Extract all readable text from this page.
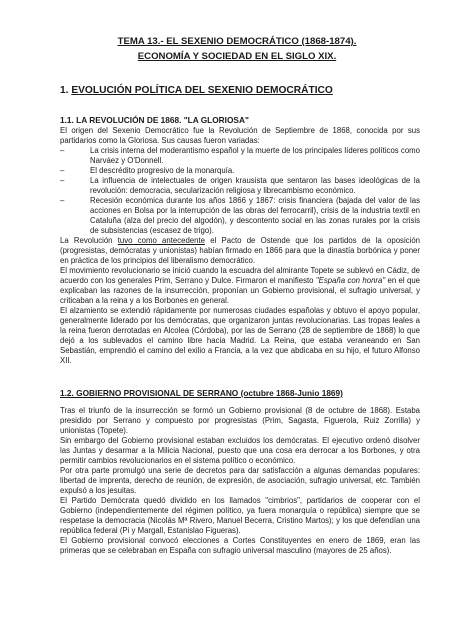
TEMA 13.- EL SEXENIO DEMOCRÁTICO (1868-1874).
ECONOMÍA Y SOCIEDAD EN EL SIGLO XIX.
1. EVOLUCIÓN POLÍTICA DEL SEXENIO DEMOCRÁTICO
1.1. LA REVOLUCIÓN DE 1868. "LA GLORIOSA"

El origen del Sexenio Democrático fue la Revolución de Septiembre de 1868, conocida por sus partidarios como la Gloriosa. Sus causas fueron variadas:

–	La crisis interna del moderantismo español y la muerte de los principales líderes políticos como Narváez y O'Donnell.
–	El descrédito progresivo de la monarquía.
–	La influencia de intelectuales de origen krausista que sentaron las bases ideológicas de la revolución: democracia, secularización religiosa y librecambismo económico.
–	Recesión económica durante los años 1866 y 1867: crisis financiera (bajada del valor de las acciones en Bolsa por la interrupción de las obras del ferrocarril), crisis de la industria textil en Cataluña (alza del precio del algodón), y descontento social en las zonas rurales por la crisis de subsistencias (escasez de trigo).

La Revolución tuvo como antecedente el Pacto de Ostende que los partidos de la oposición (progresistas, demócratas y unionistas) habían firmado en 1866 para que la dinastía borbónica y poner en práctica de los principios del liberalismo democrático.

El movimiento revolucionario se inició cuando la escuadra del almirante Topete se sublevó en Cádiz, de acuerdo con los generales Prim, Serrano y Dulce. Firmaron el manifiesto "España con honra" en el que explicaban las razones de la insurrección, proponían un Gobierno provisional, el sufragio universal, y criticaban a la reina y a los Borbones en general.

El alzamiento se extendió rápidamente por numerosas ciudades españolas y obtuvo el apoyo popular, generalmente liderado por los demócratas, que organizaron juntas revolucionarias. Las tropas leales a la reina fueron derrotadas en Alcolea (Córdoba), por las de Serrano (28 de septiembre de 1868) lo que dejó a los sublevados el camino libre hacia Madrid. La Reina, que estaba veraneando en San Sebastián, emprendió el camino del exilio a Francia, a la vez que abdicaba en su hijo, el futuro Alfonso XII.

1.2. GOBIERNO PROVISIONAL DE SERRANO (octubre 1868-Junio 1869)

Tras el triunfo de la insurrección se formó un Gobierno provisional (8 de octubre de 1868). Estaba presidido por Serrano y compuesto por progresistas (Prim, Sagasta, Figuerola, Ruiz Zorrilla) y unionistas (Topete).

Sin embargo del Gobierno provisional estaban excluidos los demócratas. El ejecutivo ordenó disolver las Juntas y desarmar a la Milicia Nacional, puesto que una cosa era derrocar a los Borbones, y otra permitir cambios revolucionarios en el sistema político o económico.

Por otra parte promulgó una serie de decretos para dar satisfacción a algunas demandas populares: libertad de imprenta, derecho de reunión, de expresión, de asociación, sufragio universal, etc. También expulsó a los jesuitas.

El Partido Demócrata quedó dividido en los llamados "cimbrios", partidarios de cooperar con el Gobierno (independientemente del régimen político, ya fuera monarquía o república) siempre que se respetase la democracia (Nicolás Mª Rivero, Manuel Becerra, Cristino Martos); y los que defendían una república federal (Pi y Margall, Estanislao Figueras).

El Gobierno provisional convocó elecciones a Cortes Constituyentes en enero de 1869, eran las primeras que se celebraban en España con sufragio universal masculino (mayores de 25 años).
